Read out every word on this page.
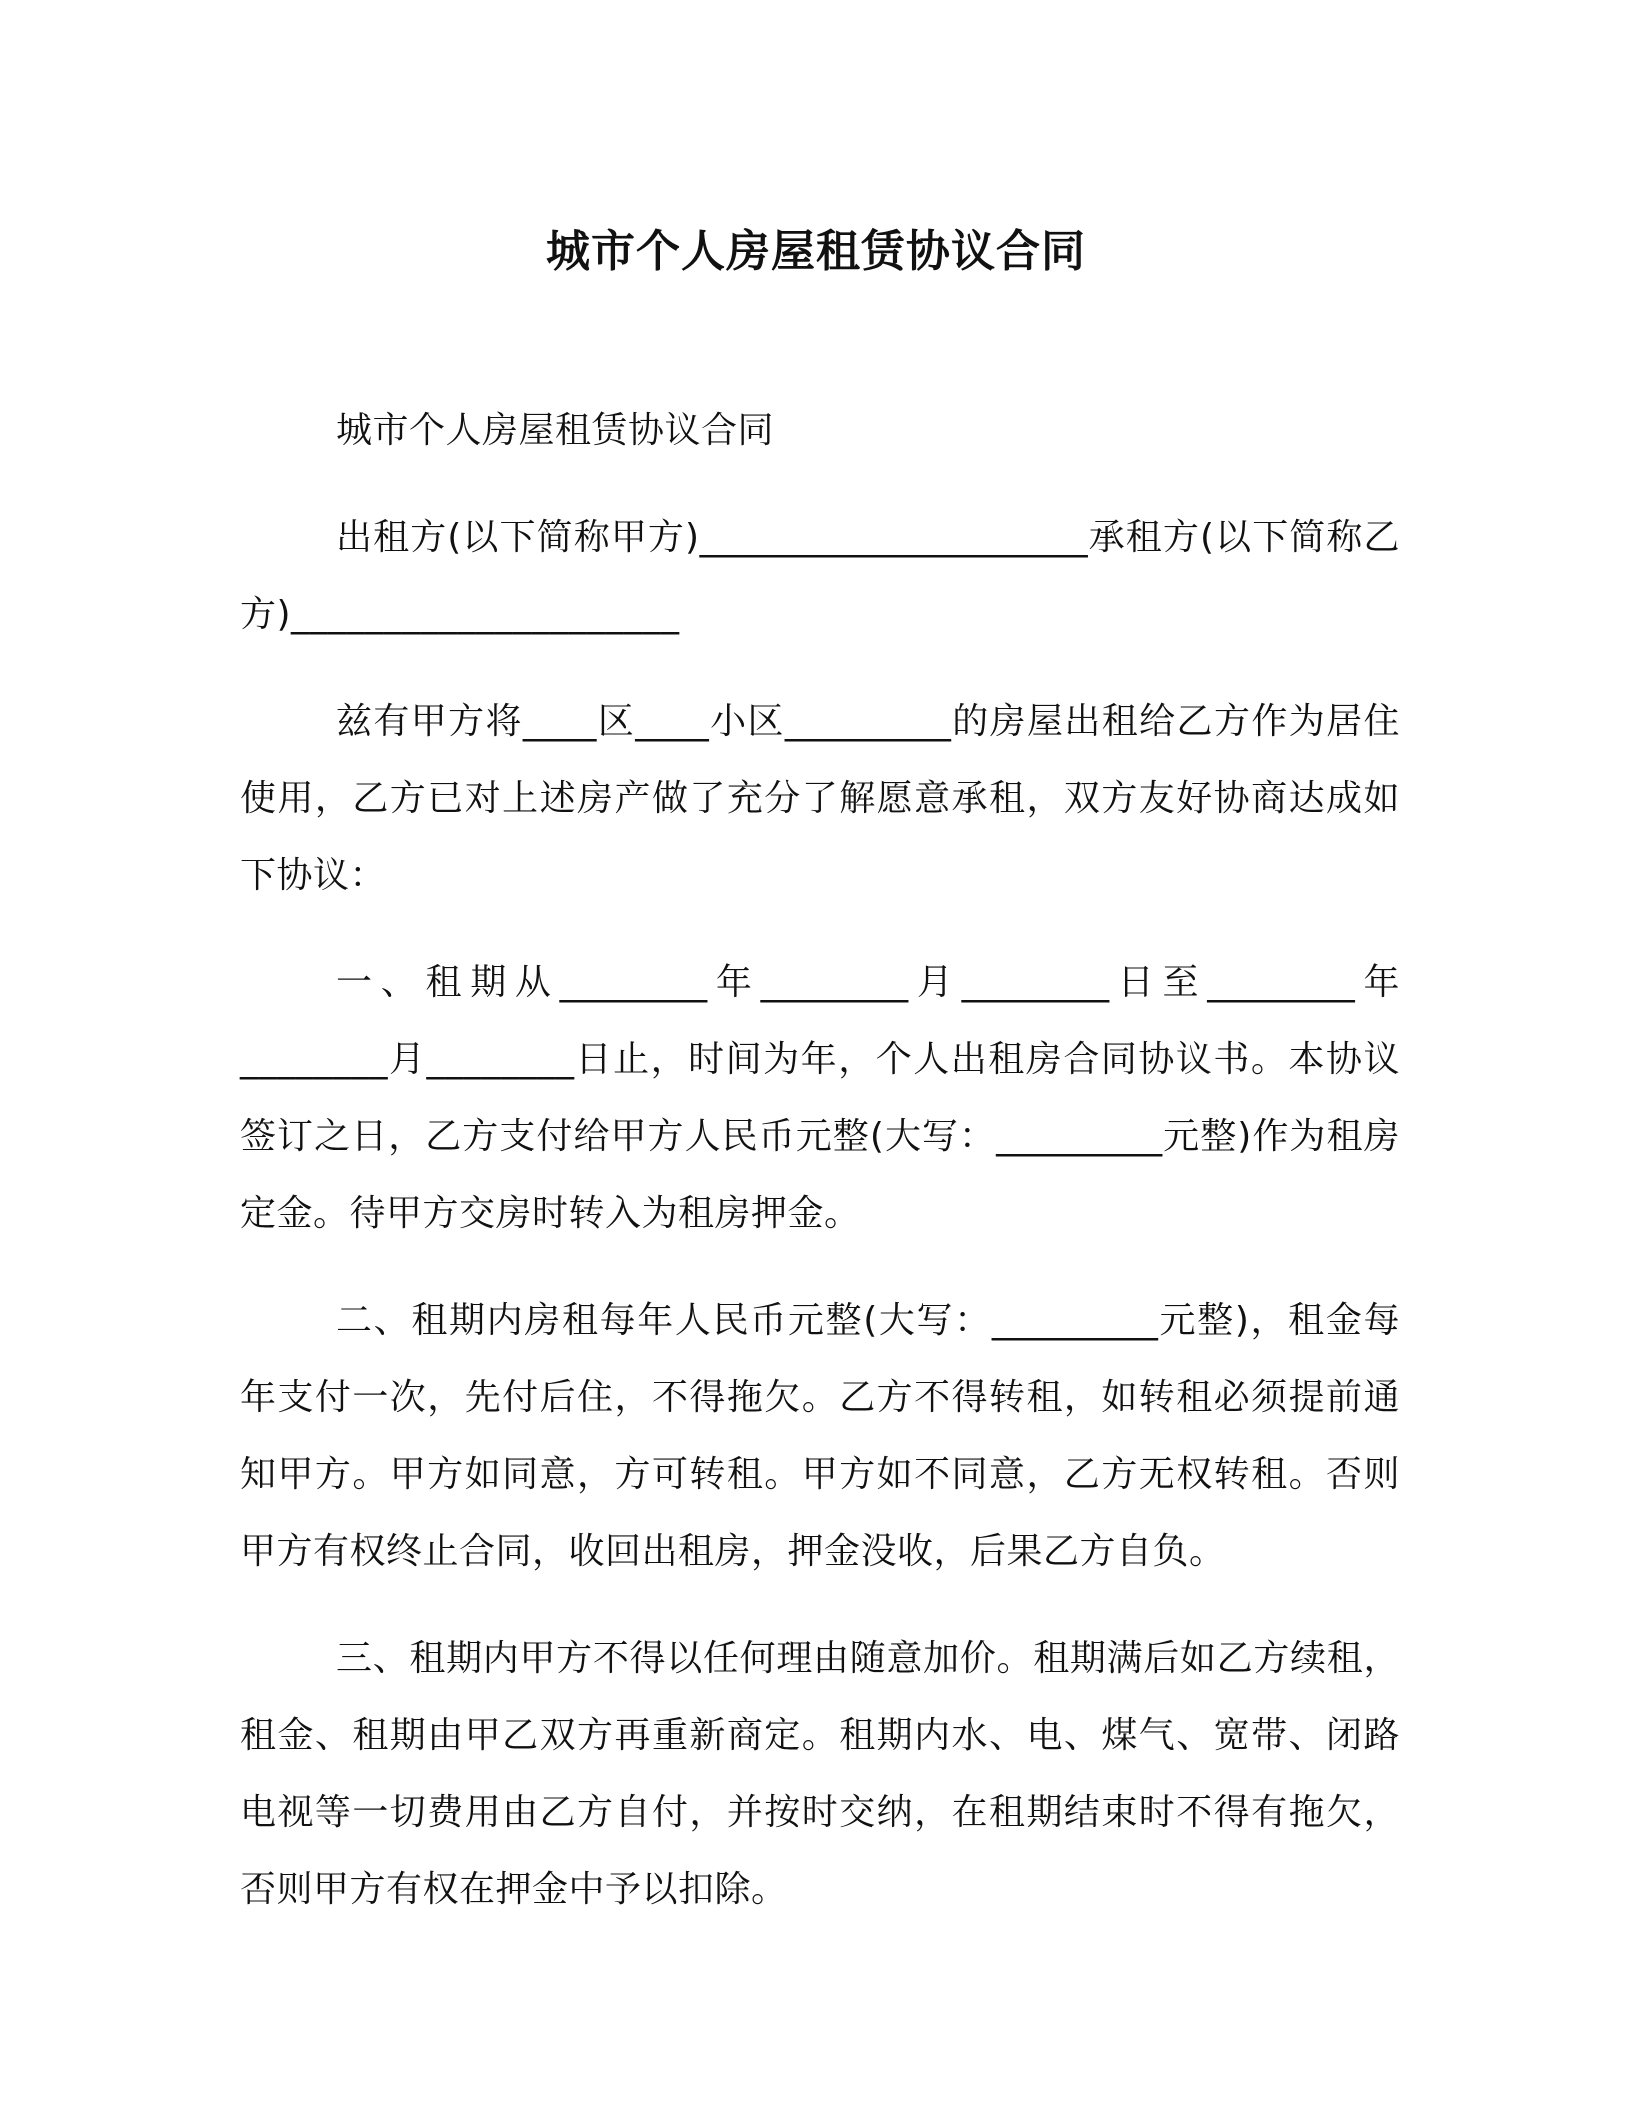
城市个人房屋租赁协议合同

城市个人房屋租赁协议合同

出租方(以下简称甲方)_____________________承租方(以下简称乙方)_____________________

兹有甲方将____区____小区_________的房屋出租给乙方作为居住使用，乙方已对上述房产做了充分了解愿意承租，双方友好协商达成如下协议：

一、租期从________年________月________日至________年________月________日止，时间为年，个人出租房合同协议书。本协议签订之日，乙方支付给甲方人民币元整(大写：_________元整)作为租房定金。待甲方交房时转入为租房押金。

二、租期内房租每年人民币元整(大写：_________元整)，租金每年支付一次，先付后住，不得拖欠。乙方不得转租，如转租必须提前通知甲方。甲方如同意，方可转租。甲方如不同意，乙方无权转租。否则甲方有权终止合同，收回出租房，押金没收，后果乙方自负。

三、租期内甲方不得以任何理由随意加价。租期满后如乙方续租，租金、租期由甲乙双方再重新商定。租期内水、电、煤气、宽带、闭路电视等一切费用由乙方自付，并按时交纳，在租期结束时不得有拖欠，否则甲方有权在押金中予以扣除。
